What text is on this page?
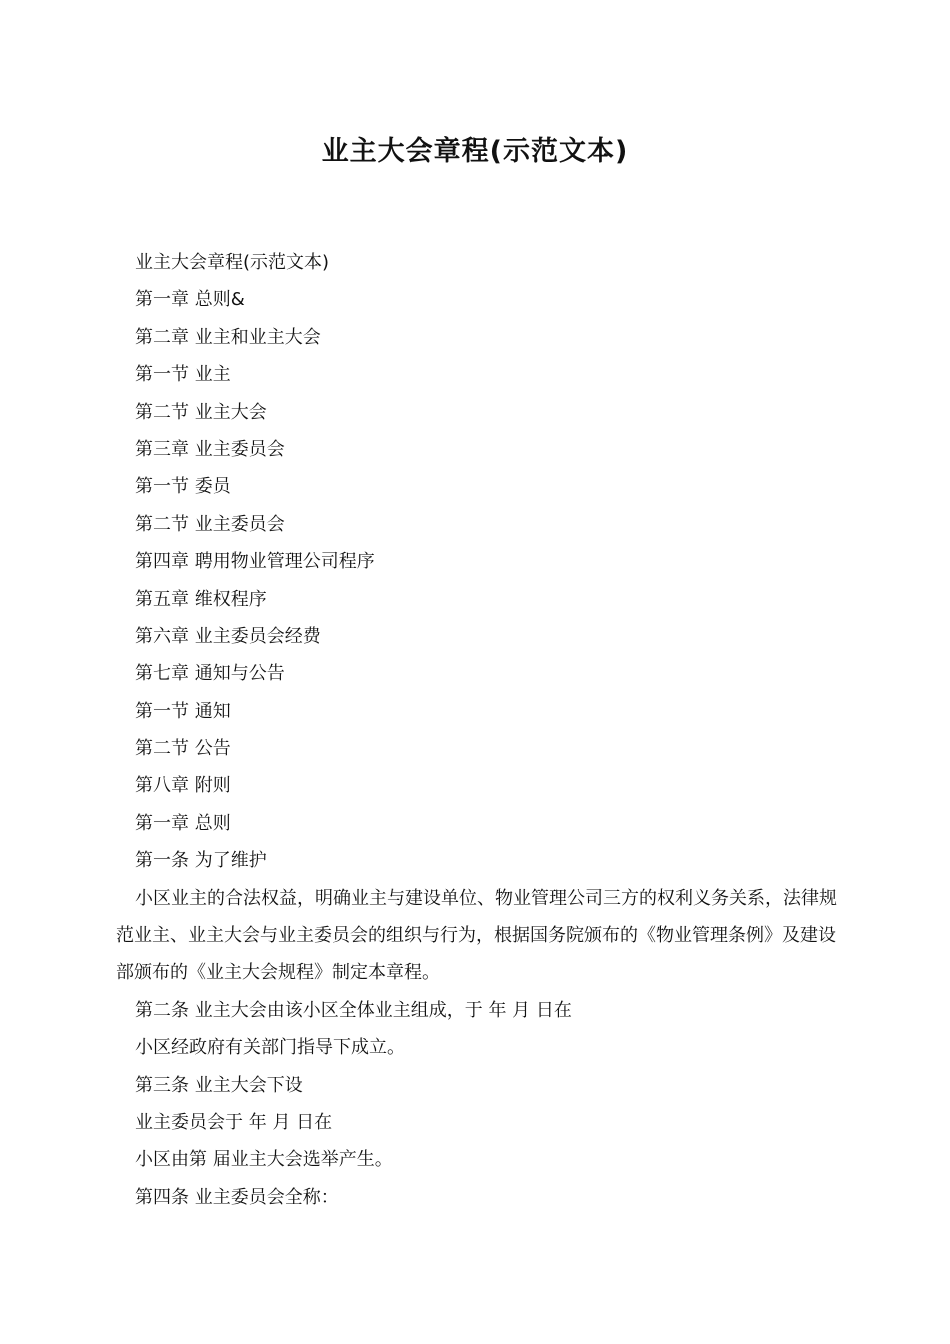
业主大会章程(示范文本)
业主大会章程(示范文本)
第一章 总则&
第二章 业主和业主大会
第一节 业主
第二节 业主大会
第三章 业主委员会
第一节 委员
第二节 业主委员会
第四章 聘用物业管理公司程序
第五章 维权程序
第六章 业主委员会经费
第七章 通知与公告
第一节 通知
第二节 公告
第八章 附则
第一章 总则
第一条 为了维护
小区业主的合法权益，明确业主与建设单位、物业管理公司三方的权利义务关系，法律规范业主、业主大会与业主委员会的组织与行为，根据国务院颁布的《物业管理条例》及建设部颁布的《业主大会规程》制定本章程。
第二条 业主大会由该小区全体业主组成，于 年 月 日在
小区经政府有关部门指导下成立。
第三条 业主大会下设
业主委员会于 年 月 日在
小区由第 届业主大会选举产生。
第四条 业主委员会全称：
